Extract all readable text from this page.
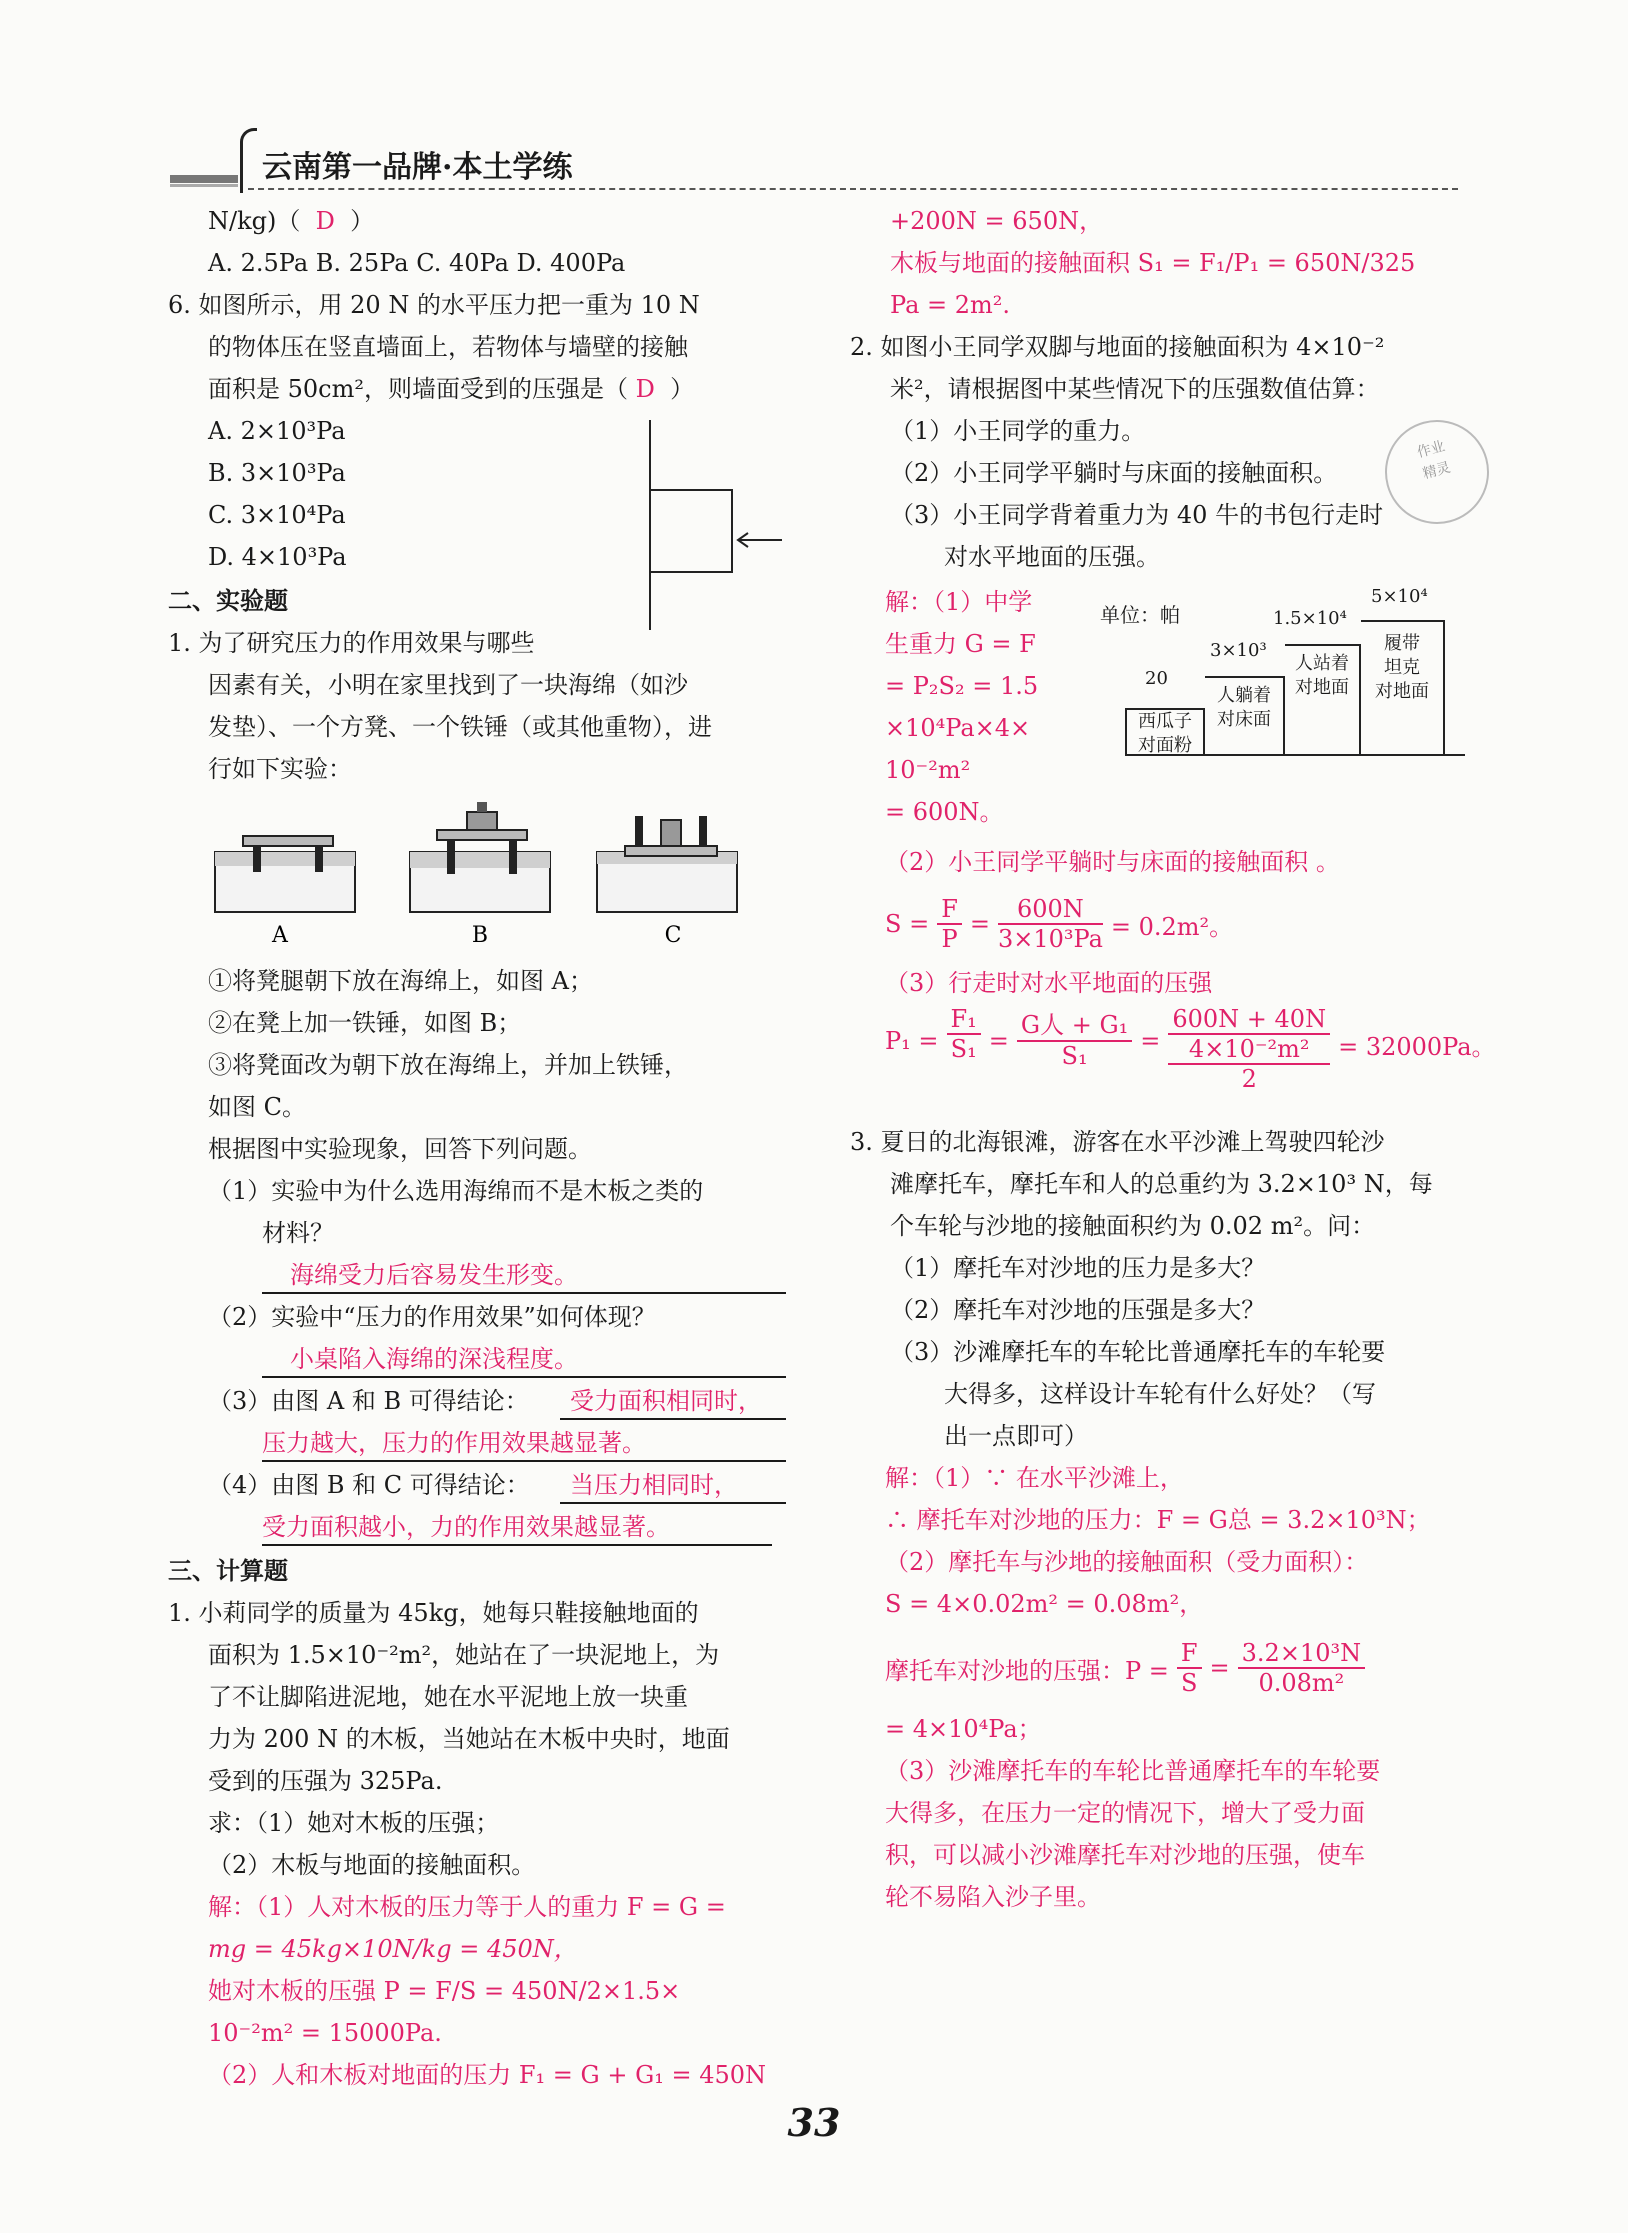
云南第一品牌·本土学练
N/kg)（ D ）
A. 2.5Pa B. 25Pa C. 40Pa D. 400Pa
6. 如图所示，用 20 N 的水平压力把一重为 10 N
的物体压在竖直墙面上，若物体与墙壁的接触
面积是 50cm²，则墙面受到的压强是（ D ）
A. 2×10³Pa
B. 3×10³Pa
C. 3×10⁴Pa
D. 4×10³Pa
二、实验题
1. 为了研究压力的作用效果与哪些
因素有关，小明在家里找到了一块海绵（如沙
发垫）、一个方凳、一个铁锤（或其他重物），进
行如下实验：
A	B	C
①将凳腿朝下放在海绵上，如图 A；
②在凳上加一铁锤，如图 B；
③将凳面改为朝下放在海绵上，并加上铁锤，
如图 C。
根据图中实验现象，回答下列问题。
（1）实验中为什么选用海绵而不是木板之类的
材料？
海绵受力后容易发生形变。
（2）实验中“压力的作用效果”如何体现？
小桌陷入海绵的深浅程度。
（3）由图 A 和 B 可得结论：	受力面积相同时，
压力越大，压力的作用效果越显著。
（4）由图 B 和 C 可得结论：	当压力相同时，
受力面积越小，力的作用效果越显著。
三、计算题
1. 小莉同学的质量为 45kg，她每只鞋接触地面的
面积为 1.5×10⁻²m²，她站在了一块泥地上，为
了不让脚陷进泥地，她在水平泥地上放一块重
力为 200 N 的木板，当她站在木板中央时，地面
受到的压强为 325Pa.
求：（1）她对木板的压强；
（2）木板与地面的接触面积。
解：（1）人对木板的压力等于人的重力 F = G =
mg = 45kg×10N/kg = 450N，
她对木板的压强 P = F/S = 450N/2×1.5×
10⁻²m² = 15000Pa.
（2）人和木板对地面的压力 F₁ = G + G₁ = 450N
+200N = 650N，
木板与地面的接触面积 S₁ = F₁/P₁ = 650N/325
Pa = 2m².
2. 如图小王同学双脚与地面的接触面积为 4×10⁻²
米²，请根据图中某些情况下的压强数值估算：
（1）小王同学的重力。
（2）小王同学平躺时与床面的接触面积。
（3）小王同学背着重力为 40 牛的书包行走时
对水平地面的压强。
作业
精灵
解：（1）中学
生重力 G = F
= P₂S₂ = 1.5
×10⁴Pa×4×
10⁻²m²
= 600N。
单位：帕
西瓜子
对面粉
20
人躺着
对床面
3×10³
人站着
对地面
1.5×10⁴
履带
坦克
对地面
5×10⁴
（2）小王同学平躺时与床面的接触面积 。
$S = \frac{F}{P} = \frac{600N}{\text{3×10³Pa}} = 0.2m^2$。
（3）行走时对水平地面的压强
$P_1 = \frac{\text{F₁}}{\text{S₁}}$ =
G人 + G₁
S₁
=
600N + 40N
4×10⁻²m²
2
= 32000Pa。
3. 夏日的北海银滩，游客在水平沙滩上驾驶四轮沙
滩摩托车，摩托车和人的总重约为 3.2×10³ N，每
个车轮与沙地的接触面积约为 0.02 m²。问：
（1）摩托车对沙地的压力是多大？
（2）摩托车对沙地的压强是多大？
（3）沙滩摩托车的车轮比普通摩托车的车轮要
大得多，这样设计车轮有什么好处？（写
出一点即可）
解：（1）∵ 在水平沙滩上，
∴ 摩托车对沙地的压力：F = G总 = 3.2×10³N；
（2）摩托车与沙地的接触面积（受力面积）：
S = 4×0.02m² = 0.08m²，
摩托车对沙地的压强：$P = \frac{F}{S} = \frac{\text{3.2×10³N}}{\text{0.08m²}}$
= 4×10⁴Pa；
（3）沙滩摩托车的车轮比普通摩托车的车轮要
大得多，在压力一定的情况下，增大了受力面
积，可以减小沙滩摩托车对沙地的压强，使车
轮不易陷入沙子里。
33
